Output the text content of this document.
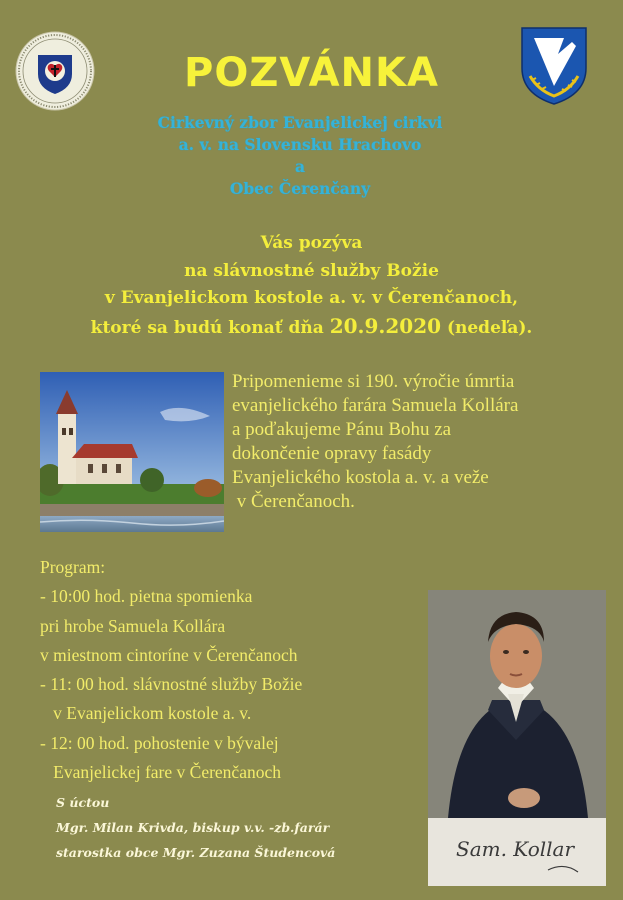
POZVÁNKA
Cirkevný zbor Evanjelickej cirkvi
a. v. na Slovensku Hrachovo
a
Obec Čerenčany
Vás pozýva
na slávnostné služby Božie
v Evanjelickom kostole a. v. v Čerenčanoch,
ktoré sa budú konať dňa 20.9.2020 (nedeľa).
Pripomenieme si 190. výročie úmrtia
evanjelického farára Samuela Kollára
a poďakujeme Pánu Bohu za
dokončenie opravy fasády
Evanjelického kostola a. v. a veže
v Čerenčanoch.
Program:
- 10:00 hod. pietna spomienka
pri hrobe Samuela Kollára
v miestnom cintoríne v Čerenčanoch
- 11: 00 hod. slávnostné služby Božie
v Evanjelickom kostole a. v.
- 12: 00 hod. pohostenie v bývalej
Evanjelickej fare v Čerenčanoch
Sam. Kollar
S úctou
Mgr. Milan Krivda, biskup v.v. -zb.farár
starostka obce Mgr. Zuzana Študencová
